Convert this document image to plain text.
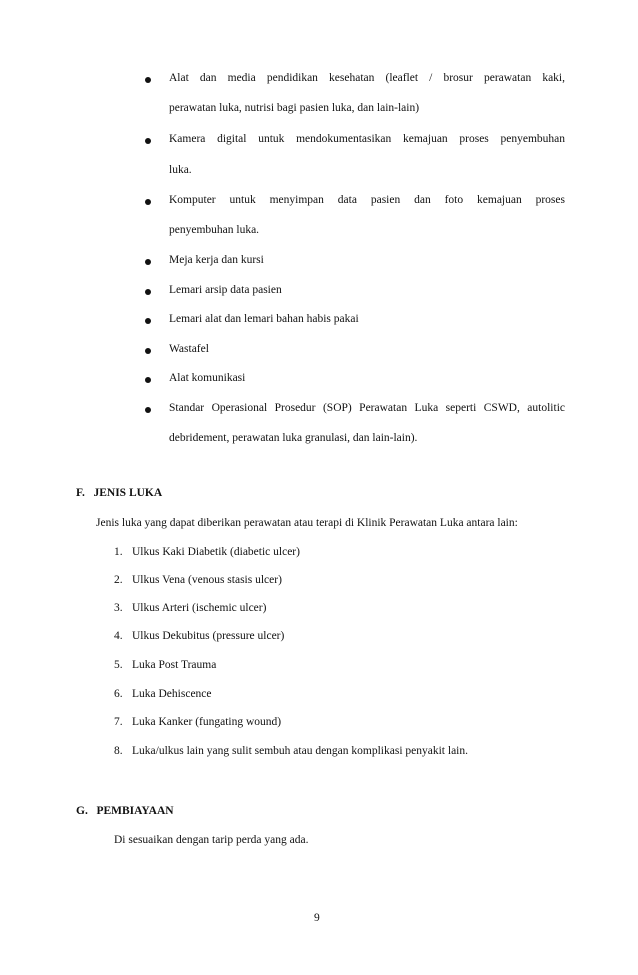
Alat dan media pendidikan kesehatan (leaflet / brosur perawatan kaki,
perawatan luka, nutrisi bagi pasien luka, dan lain-lain)
Kamera digital untuk mendokumentasikan kemajuan proses penyembuhan
luka.
Komputer untuk menyimpan data pasien dan foto kemajuan proses
penyembuhan luka.
Meja kerja dan kursi
Lemari arsip data pasien
Lemari alat dan lemari bahan habis pakai
Wastafel
Alat komunikasi
Standar Operasional Prosedur (SOP) Perawatan Luka seperti CSWD, autolitic
debridement, perawatan luka granulasi, dan lain-lain).
F.   JENIS LUKA
Jenis luka yang dapat diberikan perawatan atau terapi di Klinik Perawatan Luka antara lain:
1. Ulkus Kaki Diabetik (diabetic ulcer)
2. Ulkus Vena (venous stasis ulcer)
3. Ulkus Arteri (ischemic ulcer)
4. Ulkus Dekubitus (pressure ulcer)
5. Luka Post Trauma
6. Luka Dehiscence
7. Luka Kanker (fungating wound)
8. Luka/ulkus lain yang sulit sembuh atau dengan komplikasi penyakit lain.
G.   PEMBIAYAAN
Di sesuaikan dengan tarip perda yang ada.
9
